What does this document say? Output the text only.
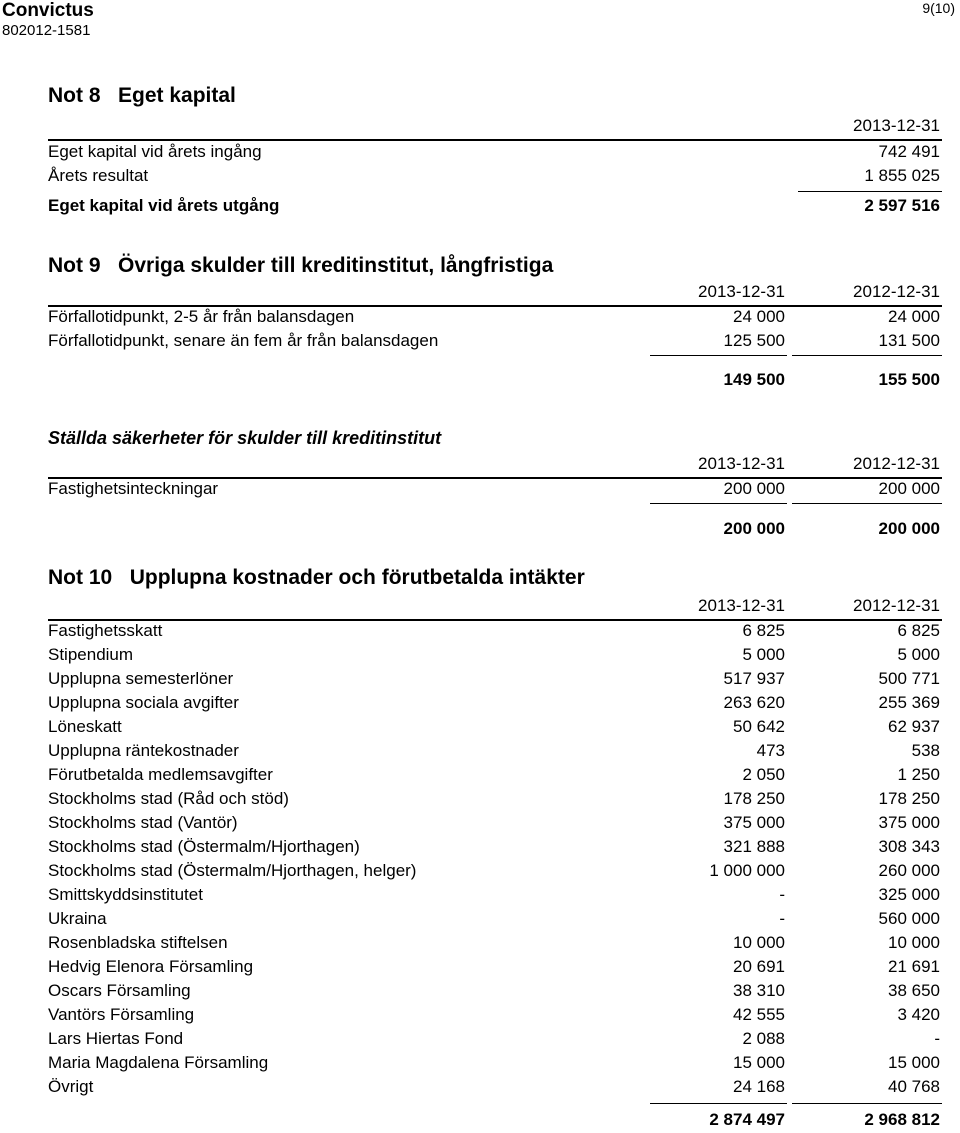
Convictus
802012-1581
9(10)
Not 8 Eget kapital
2013-12-31
Eget kapital vid årets ingång	742 491
Årets resultat	1 855 025
Eget kapital vid årets utgång	2 597 516
Not 9 Övriga skulder till kreditinstitut, långfristiga
2013-12-31	2012-12-31
Förfallotidpunkt, 2-5 år från balansdagen	24 000	24 000
Förfallotidpunkt, senare än fem år från balansdagen	125 500	131 500
149 500	155 500
Ställda säkerheter för skulder till kreditinstitut
2013-12-31	2012-12-31
Fastighetsinteckningar	200 000	200 000
200 000	200 000
Not 10 Upplupna kostnader och förutbetalda intäkter
2013-12-31	2012-12-31
Fastighetsskatt	6 825	6 825
Stipendium	5 000	5 000
Upplupna semesterlöner	517 937	500 771
Upplupna sociala avgifter	263 620	255 369
Löneskatt	50 642	62 937
Upplupna räntekostnader	473	538
Förutbetalda medlemsavgifter	2 050	1 250
Stockholms stad (Råd och stöd)	178 250	178 250
Stockholms stad (Vantör)	375 000	375 000
Stockholms stad (Östermalm/Hjorthagen)	321 888	308 343
Stockholms stad (Östermalm/Hjorthagen, helger)	1 000 000	260 000
Smittskyddsinstitutet	-	325 000
Ukraina	-	560 000
Rosenbladska stiftelsen	10 000	10 000
Hedvig Elenora Församling	20 691	21 691
Oscars Församling	38 310	38 650
Vantörs Församling	42 555	3 420
Lars Hiertas Fond	2 088	-
Maria Magdalena Församling	15 000	15 000
Övrigt	24 168	40 768
2 874 497	2 968 812
